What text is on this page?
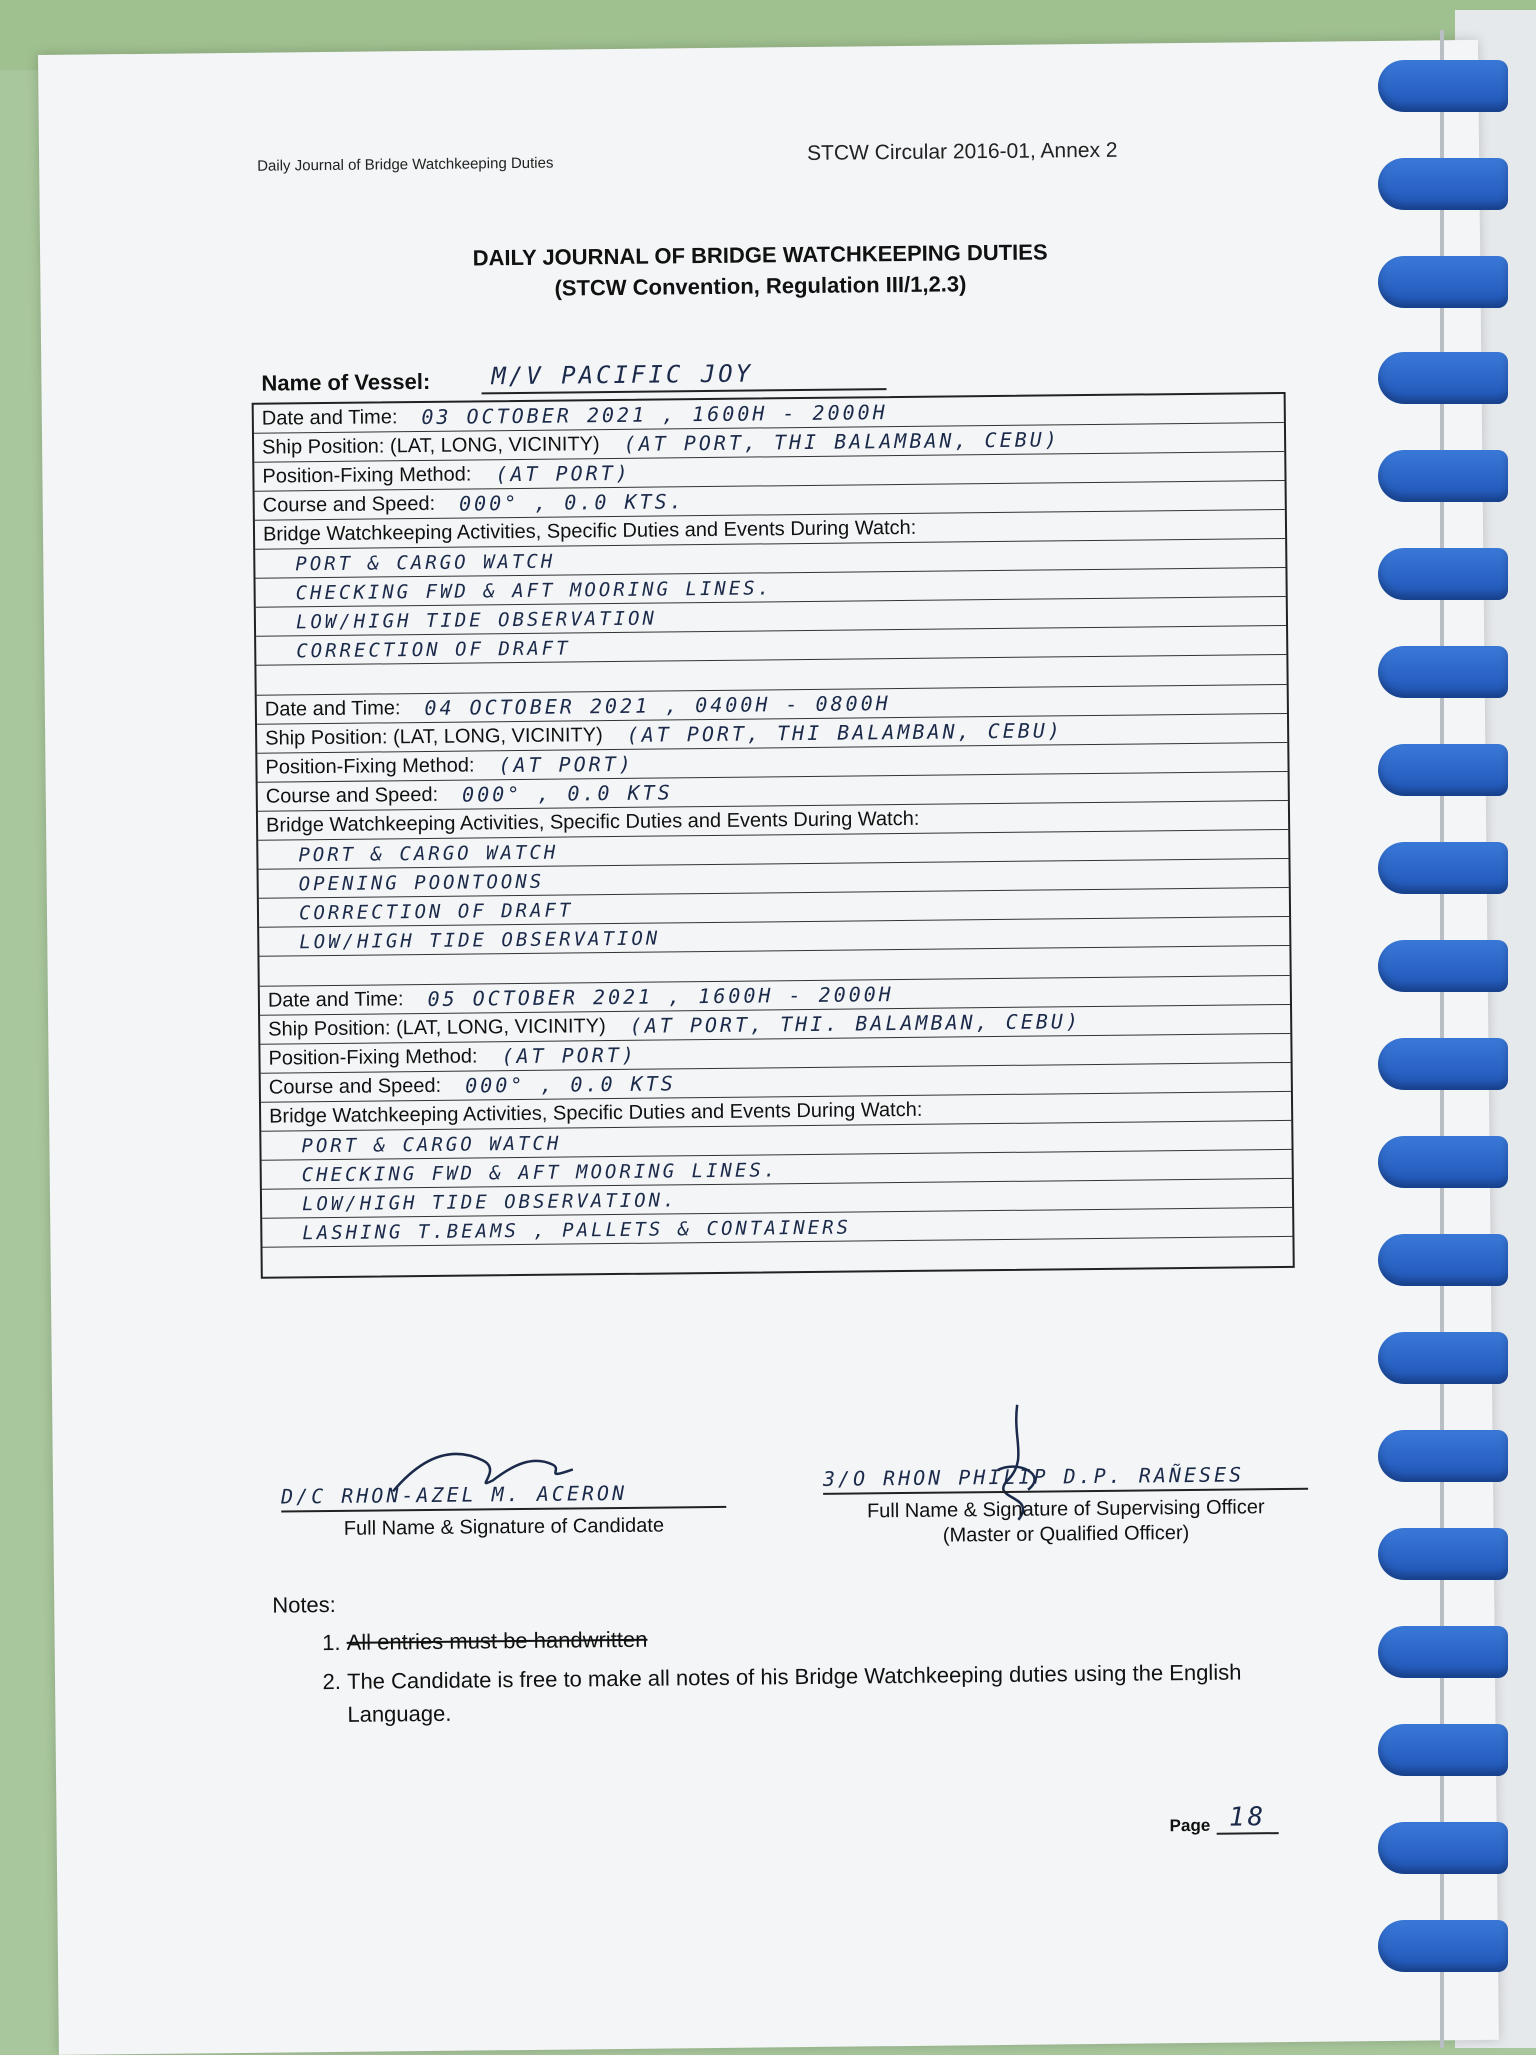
Daily Journal of Bridge Watchkeeping Duties	STCW Circular 2016-01, Annex 2
DAILY JOURNAL OF BRIDGE WATCHKEEPING DUTIES
(STCW Convention, Regulation III/1,2.3)
Name of Vessel:	M/V PACIFIC JOY
Date and Time: 03 OCTOBER 2021 , 1600H - 2000H
Ship Position: (LAT, LONG, VICINITY) (AT PORT, THI BALAMBAN, CEBU)
Position-Fixing Method: (AT PORT)
Course and Speed: 000° , 0.0 KTS.
Bridge Watchkeeping Activities, Specific Duties and Events During Watch:
PORT & CARGO WATCH
CHECKING FWD & AFT MOORING LINES.
LOW/HIGH TIDE OBSERVATION
CORRECTION OF DRAFT
Date and Time: 04 OCTOBER 2021 , 0400H - 0800H
Ship Position: (LAT, LONG, VICINITY) (AT PORT, THI BALAMBAN, CEBU)
Position-Fixing Method: (AT PORT)
Course and Speed: 000° , 0.0 KTS
Bridge Watchkeeping Activities, Specific Duties and Events During Watch:
PORT & CARGO WATCH
OPENING POONTOONS
CORRECTION OF DRAFT
LOW/HIGH TIDE OBSERVATION
Date and Time: 05 OCTOBER 2021 , 1600H - 2000H
Ship Position: (LAT, LONG, VICINITY) (AT PORT, THI. BALAMBAN, CEBU)
Position-Fixing Method: (AT PORT)
Course and Speed: 000° , 0.0 KTS
Bridge Watchkeeping Activities, Specific Duties and Events During Watch:
PORT & CARGO WATCH
CHECKING FWD & AFT MOORING LINES.
LOW/HIGH TIDE OBSERVATION.
LASHING T.BEAMS , PALLETS & CONTAINERS
D/C RHON-AZEL M. ACERON
Full Name & Signature of Candidate
3/O RHON PHILIP D.P. RAÑESES
Full Name & Signature of Supervising Officer
(Master or Qualified Officer)
Notes:
1. All entries must be handwritten
2. The Candidate is free to make all notes of his Bridge Watchkeeping duties using the English Language.
Page 18
